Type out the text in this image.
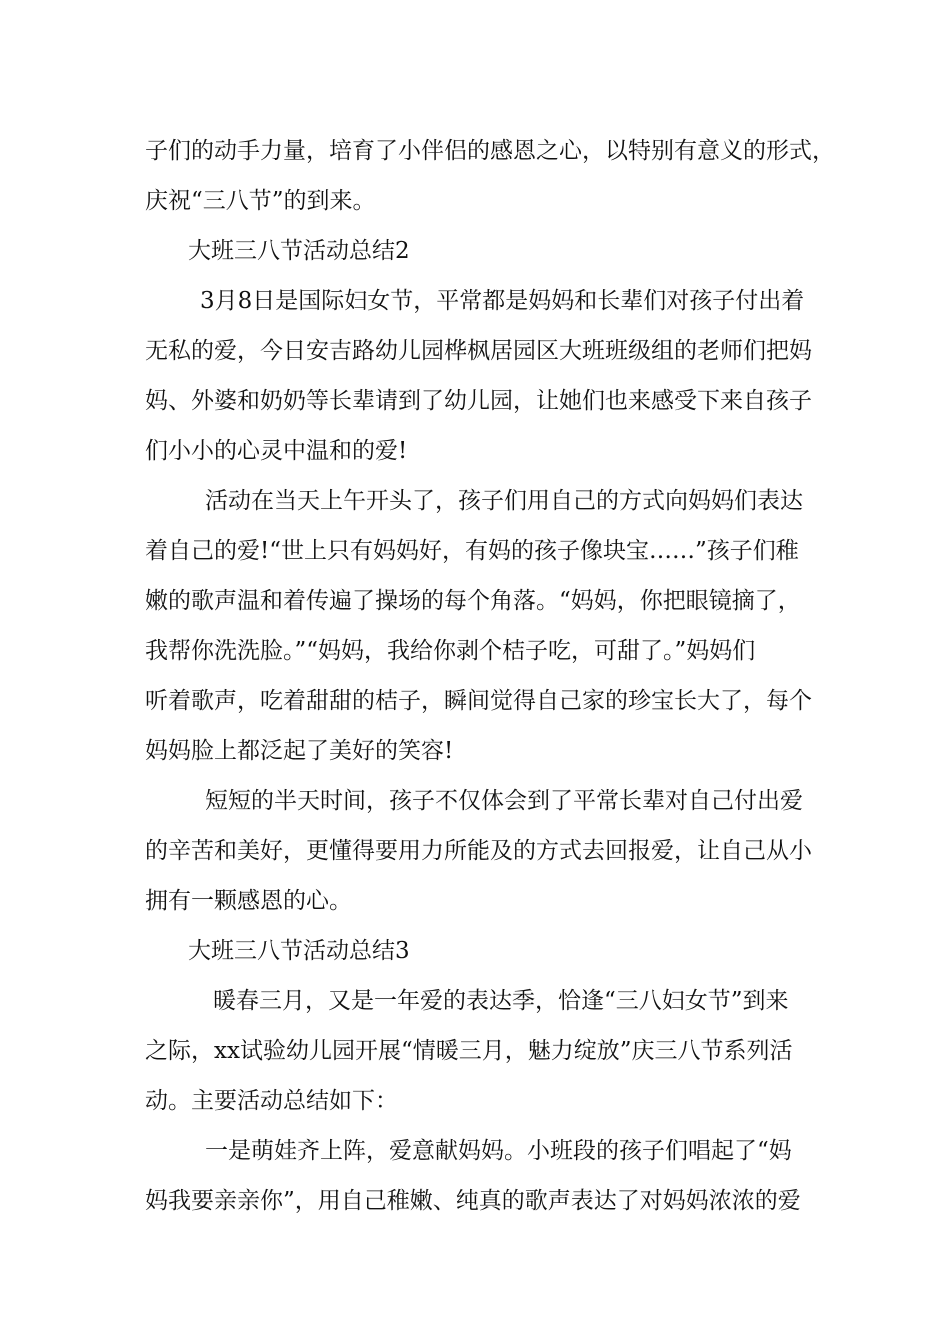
子们的动手力量，培育了小伴侣的感恩之心，以特别有意义的形式，

庆祝“三八节”的到来。

大班三八节活动总结2

3月8日是国际妇女节，平常都是妈妈和长辈们对孩子付出着

无私的爱，今日安吉路幼儿园桦枫居园区大班班级组的老师们把妈

妈、外婆和奶奶等长辈请到了幼儿园，让她们也来感受下来自孩子

们小小的心灵中温和的爱!

活动在当天上午开头了，孩子们用自己的方式向妈妈们表达

着自己的爱!“世上只有妈妈好，有妈的孩子像块宝……”孩子们稚

嫩的歌声温和着传遍了操场的每个角落。“妈妈，你把眼镜摘了，

我帮你洗洗脸。”“妈妈，我给你剥个桔子吃，可甜了。”妈妈们

听着歌声，吃着甜甜的桔子，瞬间觉得自己家的珍宝长大了，每个

妈妈脸上都泛起了美好的笑容!

短短的半天时间，孩子不仅体会到了平常长辈对自己付出爱

的辛苦和美好，更懂得要用力所能及的方式去回报爱，让自己从小

拥有一颗感恩的心。

大班三八节活动总结3

暖春三月，又是一年爱的表达季，恰逢“三八妇女节”到来

之际，xx试验幼儿园开展“情暖三月，魅力绽放”庆三八节系列活

动。主要活动总结如下：

一是萌娃齐上阵，爱意献妈妈。小班段的孩子们唱起了“妈

妈我要亲亲你”，用自己稚嫩、纯真的歌声表达了对妈妈浓浓的爱
